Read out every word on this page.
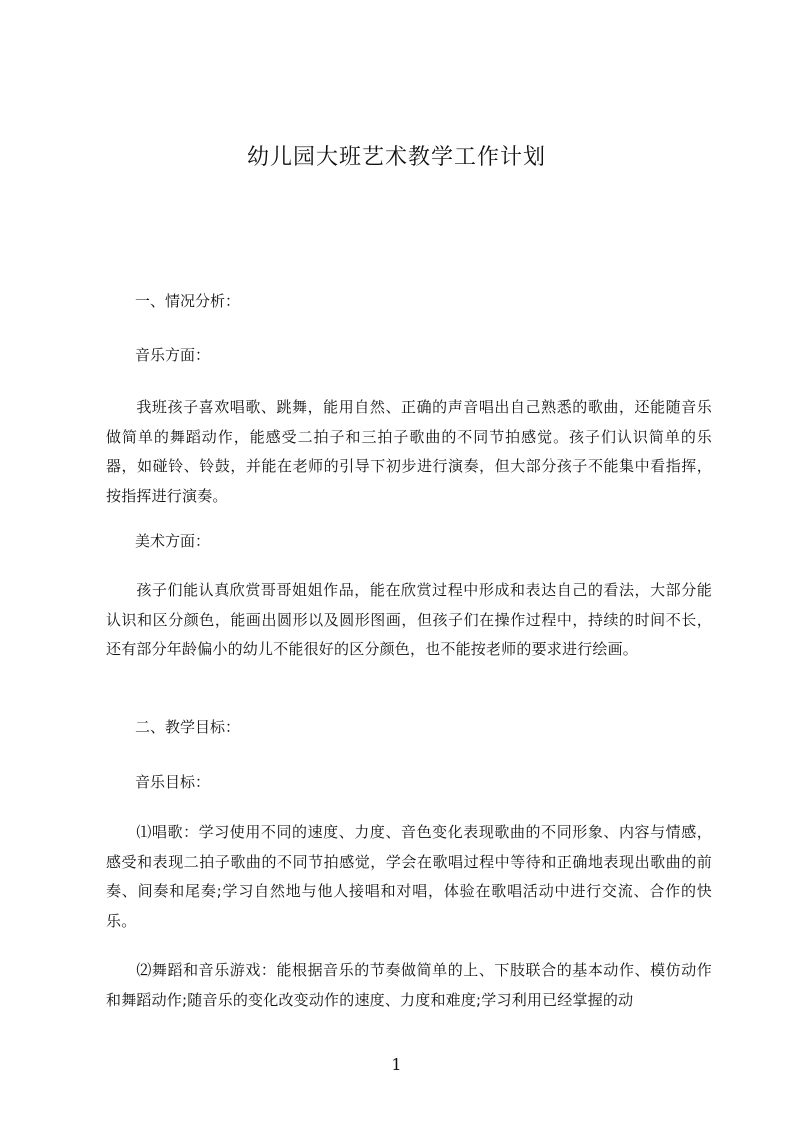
幼儿园大班艺术教学工作计划
一、情况分析：
音乐方面：
我班孩子喜欢唱歌、跳舞，能用自然、正确的声音唱出自己熟悉的歌曲，还能随音乐做简单的舞蹈动作，能感受二拍子和三拍子歌曲的不同节拍感觉。孩子们认识简单的乐器，如碰铃、铃鼓，并能在老师的引导下初步进行演奏，但大部分孩子不能集中看指挥，按指挥进行演奏。
美术方面：
孩子们能认真欣赏哥哥姐姐作品，能在欣赏过程中形成和表达自己的看法，大部分能认识和区分颜色，能画出圆形以及圆形图画，但孩子们在操作过程中，持续的时间不长，还有部分年龄偏小的幼儿不能很好的区分颜色，也不能按老师的要求进行绘画。
二、教学目标：
音乐目标：
⑴唱歌：学习使用不同的速度、力度、音色变化表现歌曲的不同形象、内容与情感，感受和表现二拍子歌曲的不同节拍感觉，学会在歌唱过程中等待和正确地表现出歌曲的前奏、间奏和尾奏;学习自然地与他人接唱和对唱，体验在歌唱活动中进行交流、合作的快乐。
⑵舞蹈和音乐游戏：能根据音乐的节奏做简单的上、下肢联合的基本动作、模仿动作和舞蹈动作;随音乐的变化改变动作的速度、力度和难度;学习利用已经掌握的动
1
